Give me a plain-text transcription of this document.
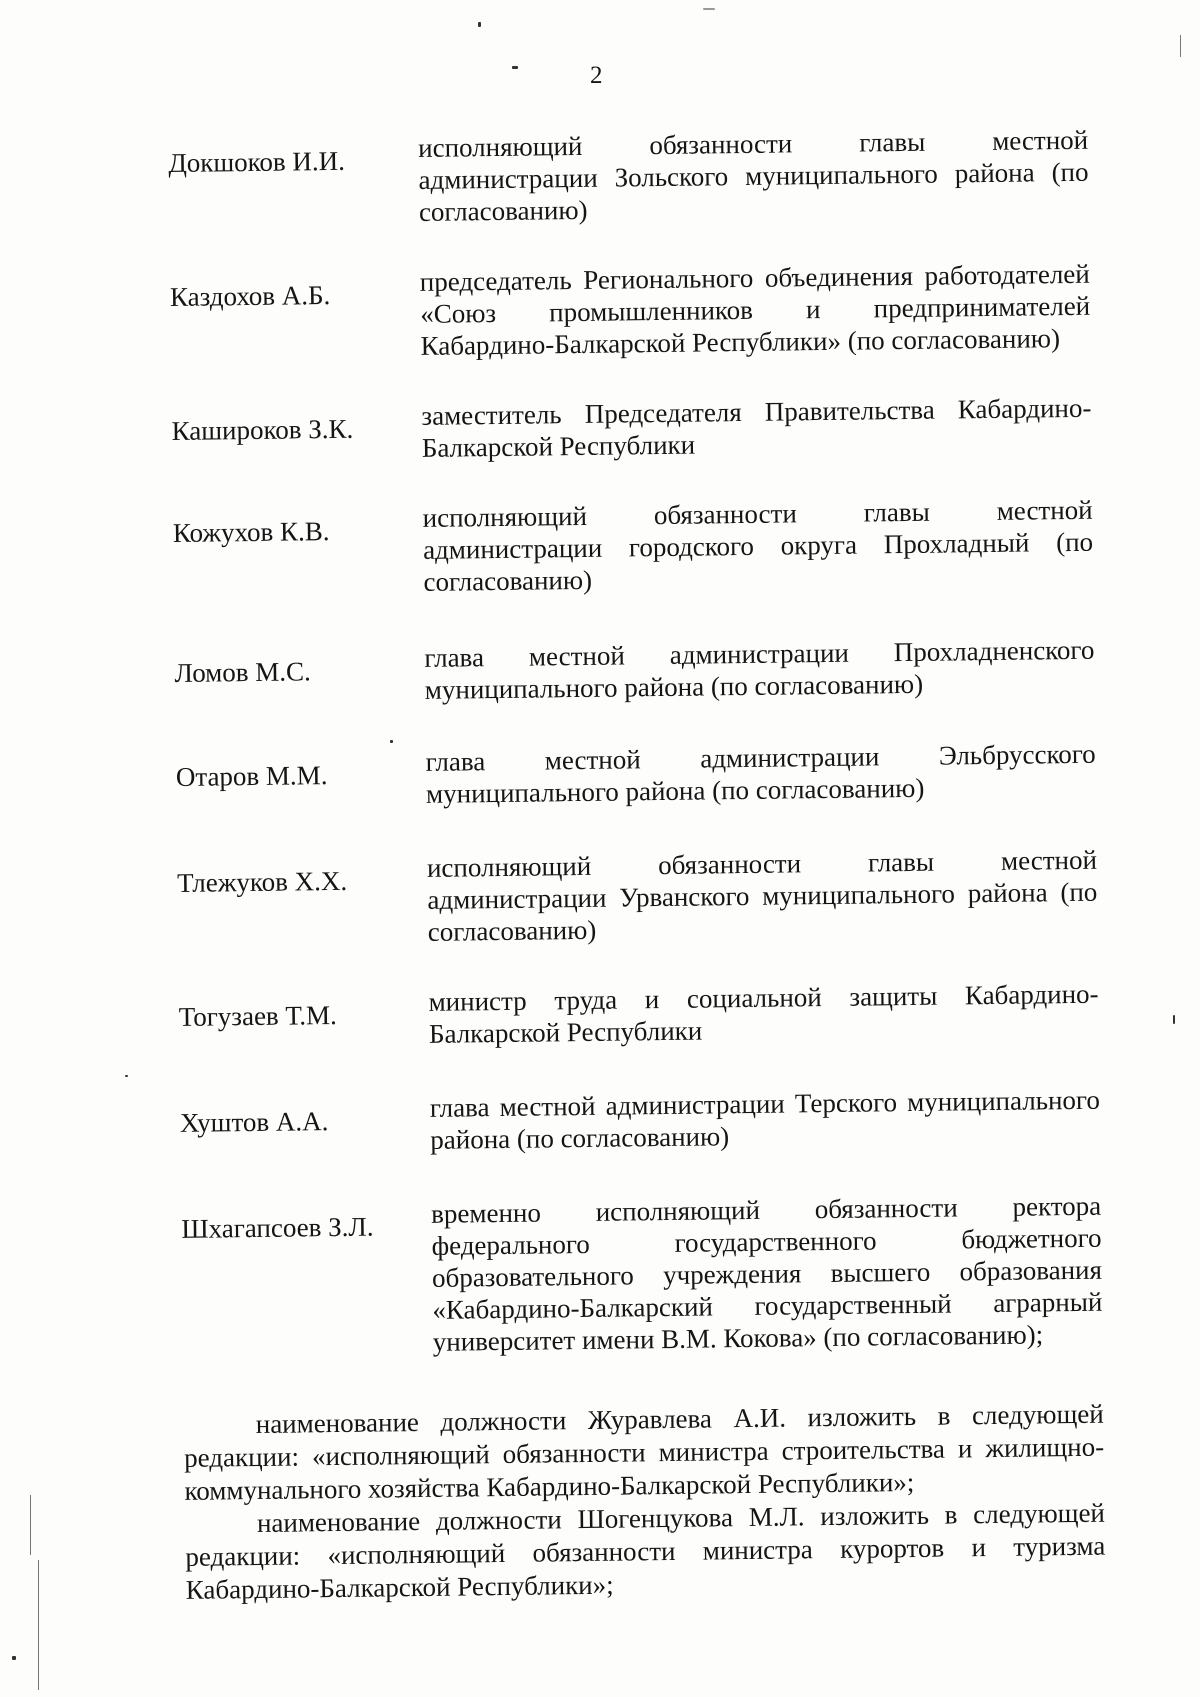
2
Докшоков И.И.	исполняющий обязанности главы местной администрации Зольского муниципального района (по согласованию)
Каздохов А.Б.	председатель Регионального объединения работодателей «Союз промышленников и предпринимателей Кабардино-Балкарской Республики» (по согласованию)
Кашироков З.К.	заместитель Председателя Правительства Кабардино-Балкарской Республики
Кожухов К.В.	исполняющий обязанности главы местной администрации городского округа Прохладный (по согласованию)
Ломов М.С.	глава местной администрации Прохладненского муниципального района (по согласованию)
Отаров М.М.	глава местной администрации Эльбрусского муниципального района (по согласованию)
Тлежуков Х.Х.	исполняющий обязанности главы местной администрации Урванского муниципального района (по согласованию)
Тогузаев Т.М.	министр труда и социальной защиты Кабардино-Балкарской Республики
Хуштов А.А.	глава местной администрации Терского муниципального района (по согласованию)
Шхагапсоев З.Л.	временно исполняющий обязанности ректора федерального государственного бюджетного образовательного учреждения высшего образования «Кабардино-Балкарский государственный аграрный университет имени В.М. Кокова» (по согласованию);

наименование должности Журавлева А.И. изложить в следующей редакции: «исполняющий обязанности министра строительства и жилищно-коммунального хозяйства Кабардино-Балкарской Республики»;

наименование должности Шогенцукова М.Л. изложить в следующей редакции: «исполняющий обязанности министра курортов и туризма Кабардино-Балкарской Республики»;
